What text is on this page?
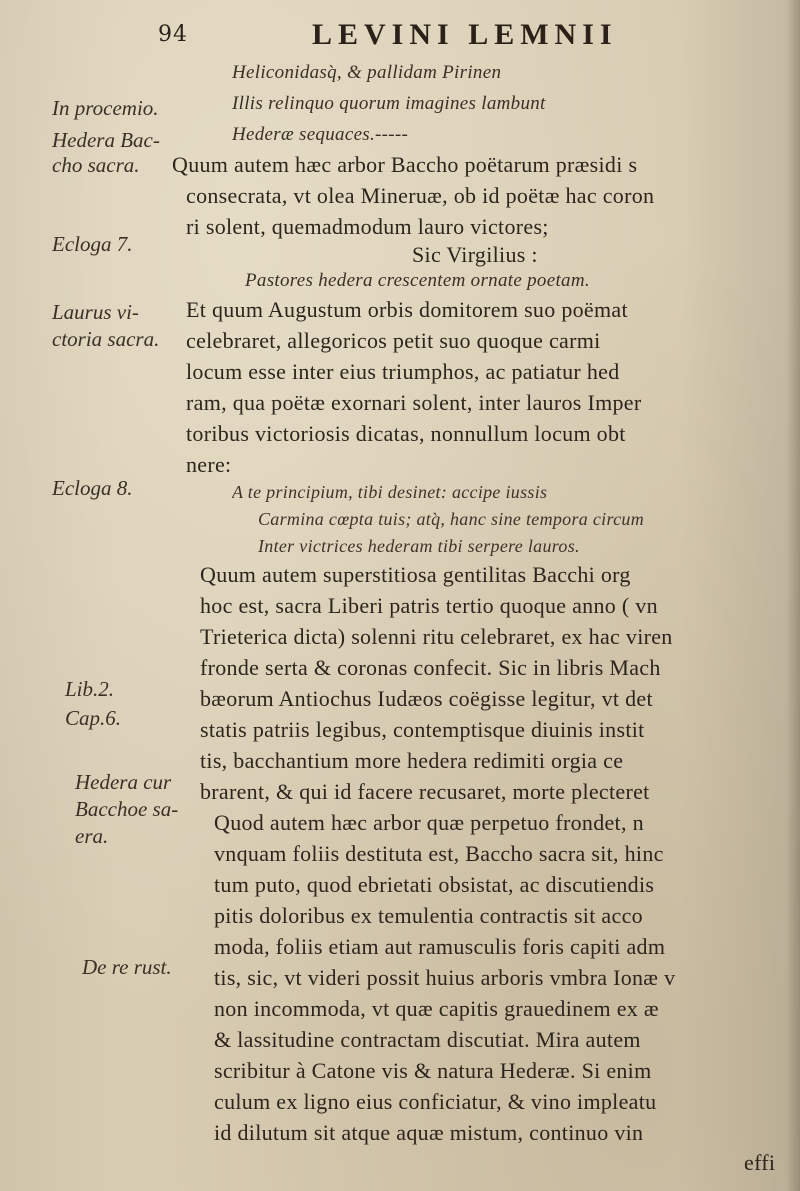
94	LEVINI LEMNII
In procemio.
Hedera Bac-
cho sacra.
Ecloga 7.
Laurus vi-
ctoria sacra.
Ecloga 8.
Lib.2.
Cap.6.
Hedera cur
Bacchoe sa-
era.
De re rust.
Heliconidasq̀, & pallidam Pirinen
Illis relinquo quorum imagines lambunt
Hederæ sequaces.-----
Quum autem hæc arbor Baccho poëtarum præsidi s
consecrata, vt olea Mineruæ, ob id poëtæ hac coron
ri solent, quemadmodum lauro victores;
Sic Virgilius :
Pastores hedera crescentem ornate poetam.
Et quum Augustum orbis domitorem suo poëmat
celebraret, allegoricos petit suo quoque carmi
locum esse inter eius triumphos, ac patiatur hed
ram, qua poëtæ exornari solent, inter lauros Imper
toribus victoriosis dicatas, nonnullum locum obt
nere:
A te principium, tibi desinet: accipe iussis
Carmina cœpta tuis; atq̀, hanc sine tempora circum
Inter victrices hederam tibi serpere lauros.
Quum autem superstitiosa gentilitas Bacchi org
hoc est, sacra Liberi patris tertio quoque anno ( vn
Trieterica dicta) solenni ritu celebraret, ex hac viren
fronde serta & coronas confecit. Sic in libris Mach
bæorum Antiochus Iudæos coëgisse legitur, vt det
statis patriis legibus, contemptisque diuinis instit
tis, bacchantium more hedera redimiti orgia ce
brarent, & qui id facere recusaret, morte plecteret
Quod autem hæc arbor quæ perpetuo frondet, n
vnquam foliis destituta est, Baccho sacra sit, hinc
tum puto, quod ebrietati obsistat, ac discutiendis
pitis doloribus ex temulentia contractis sit acco
moda, foliis etiam aut ramusculis foris capiti adm
tis, sic, vt videri possit huius arboris vmbra Ionæ v
non incommoda, vt quæ capitis grauedinem ex æ
& lassitudine contractam discutiat. Mira autem
scribitur à Catone vis & natura Hederæ. Si enim
culum ex ligno eius conficiatur, & vino impleatu
id dilutum sit atque aquæ mistum, continuo vin
effi
